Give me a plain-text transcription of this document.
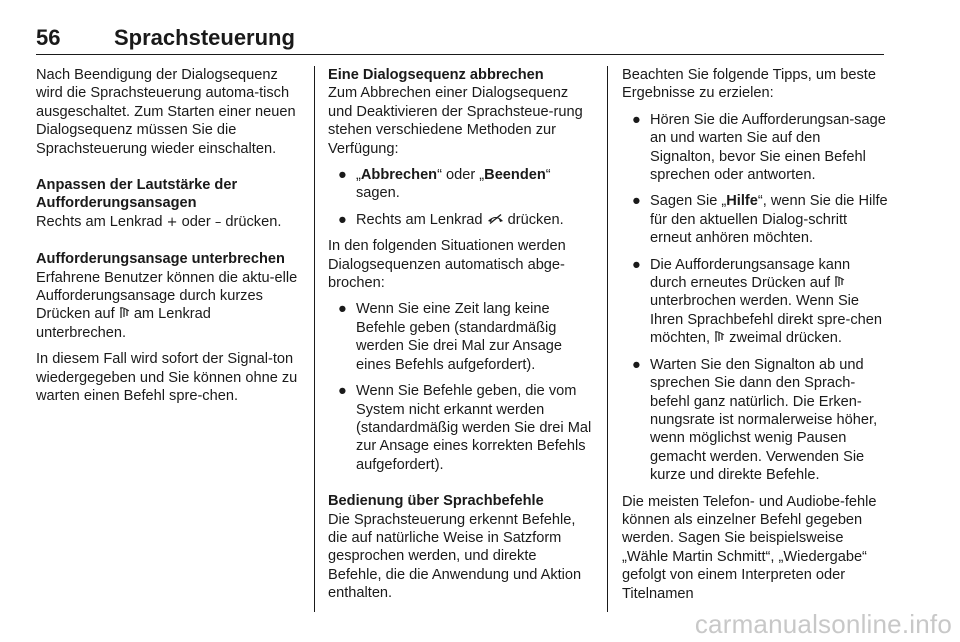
56 Sprachsteuerung

Nach Beendigung der Dialogsequenz wird die Sprachsteuerung automa-tisch ausgeschaltet. Zum Starten einer neuen Dialogsequenz müssen Sie die Sprachsteuerung wieder einschalten.

Anpassen der Lautstärke der
Aufforderungsansagen

Rechts am Lenkrad + oder – drücken.

Aufforderungsansage unterbrechen

Erfahrene Benutzer können die aktu-elle Aufforderungsansage durch kurzes Drücken auf am Lenkrad unterbrechen.

In diesem Fall wird sofort der Signal-ton wiedergegeben und Sie können ohne zu warten einen Befehl spre-chen.

Eine Dialogsequenz abbrechen

Zum Abbrechen einer Dialogsequenz und Deaktivieren der Sprachsteue-rung stehen verschiedene Methoden zur Verfügung:

● „Abbrechen“ oder „Beenden“ sagen.
● Rechts am Lenkrad drücken.

In den folgenden Situationen werden Dialogsequenzen automatisch abge-brochen:

● Wenn Sie eine Zeit lang keine Befehle geben (standardmäßig werden Sie drei Mal zur Ansage eines Befehls aufgefordert).
● Wenn Sie Befehle geben, die vom System nicht erkannt werden (standardmäßig werden Sie drei Mal zur Ansage eines korrekten Befehls aufgefordert).
Bedienung über Sprachbefehle

Die Sprachsteuerung erkennt Befehle, die auf natürliche Weise in Satzform gesprochen werden, und direkte Befehle, die die Anwendung und Aktion enthalten.

Beachten Sie folgende Tipps, um beste Ergebnisse zu erzielen:

● Hören Sie die Aufforderungsan-sage an und warten Sie auf den Signalton, bevor Sie einen Befehl sprechen oder antworten.
● Sagen Sie „Hilfe“, wenn Sie die Hilfe für den aktuellen Dialog-schritt erneut anhören möchten.
● Die Aufforderungsansage kann durch erneutes Drücken auf  unterbrochen werden. Wenn Sie Ihren Sprachbefehl direkt spre-chen möchten, zweimal drücken.
● Warten Sie den Signalton ab und sprechen Sie dann den Sprach-befehl ganz natürlich. Die Erken-nungsrate ist normalerweise höher, wenn möglichst wenig Pausen gemacht werden. Verwenden Sie kurze und direkte Befehle.

Die meisten Telefon- und Audiobe-fehle können als einzelner Befehl gegeben werden. Sagen Sie beispielsweise „Wähle Martin Schmitt“, „Wiedergabe“ gefolgt von einem Interpreten oder Titelnamen

carmanualsonline.info
